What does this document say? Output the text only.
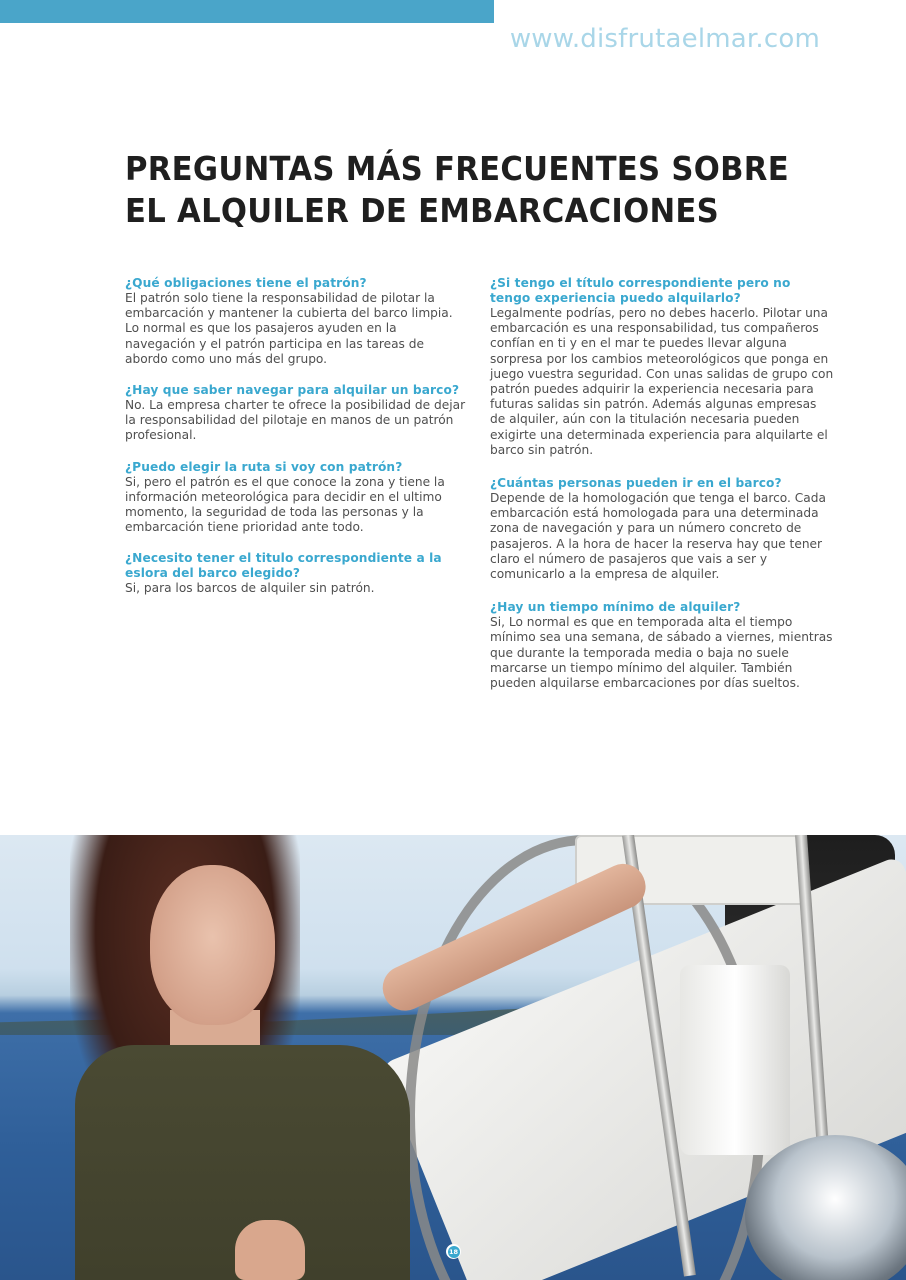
www.disfrutaelmar.com
PREGUNTAS MÁS FRECUENTES SOBRE
EL ALQUILER DE EMBARCACIONES
¿Qué obligaciones tiene el patrón?
El patrón solo tiene la responsabilidad de pilotar la embarcación y mantener la cubierta del barco limpia. Lo normal es que los pasajeros ayuden en la navegación y el patrón participa en las tareas de abordo como uno más del grupo.
¿Hay que saber navegar para alquilar un barco?
No. La empresa charter te ofrece la posibilidad de dejar la responsabilidad del pilotaje en manos de un patrón profesional.
¿Puedo elegir la ruta si voy con patrón?
Si, pero el patrón es el que conoce la zona y tiene la información meteorológica para decidir en el ultimo momento, la seguridad de toda las personas y la embarcación tiene prioridad ante todo.
¿Necesito tener el titulo correspondiente a la eslora del barco elegido?
Si, para los barcos de alquiler sin patrón.
¿Si tengo el título correspondiente pero no tengo experiencia puedo alquilarlo?
Legalmente podrías, pero no debes hacerlo. Pilotar una embarcación es una responsabilidad, tus compañeros confían en ti y en el mar te puedes llevar alguna sorpresa por los cambios meteorológicos que ponga en juego vuestra seguridad. Con unas salidas de grupo con patrón puedes adquirir la experiencia necesaria para futuras salidas sin patrón. Además algunas empresas de alquiler, aún con la titulación necesaria pueden exigirte una determinada experiencia para alquilarte el barco sin patrón.
¿Cuántas personas pueden ir en el barco?
Depende de la homologación que tenga el barco. Cada embarcación está homologada para una determinada zona de navegación y para un número concreto de pasajeros. A la hora de hacer la reserva hay que tener claro el número de pasajeros que vais a ser y comunicarlo a la empresa de alquiler.
¿Hay un tiempo mínimo de alquiler?
Si, Lo normal es que en temporada alta el tiempo mínimo sea una semana, de sábado a viernes, mientras que durante la temporada media o baja no suele marcarse un tiempo mínimo del alquiler. También pueden alquilarse embarcaciones por días sueltos.
18
